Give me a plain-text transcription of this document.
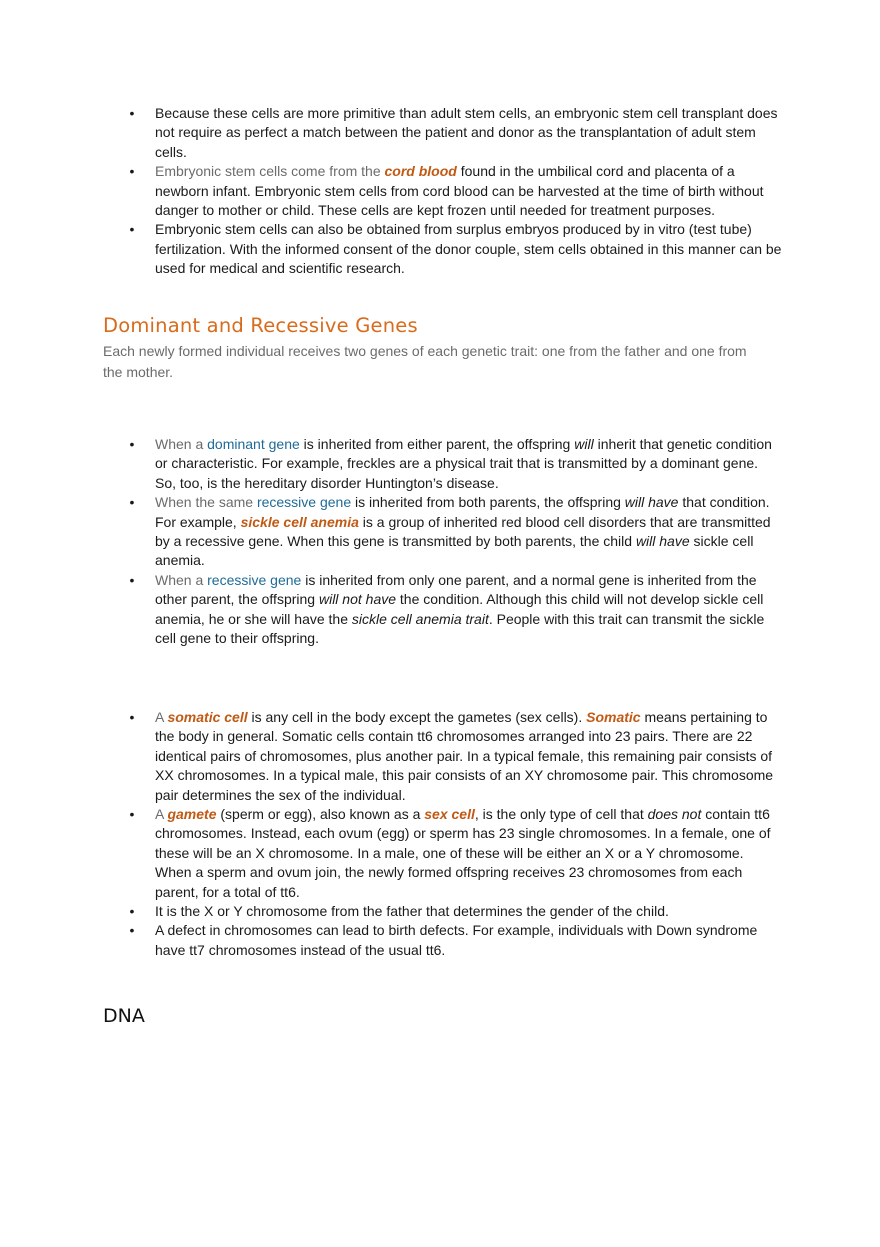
• Because these cells are more primitive than adult stem cells, an embryonic stem cell transplant does not require as perfect a match between the patient and donor as the transplantation of adult stem cells.
• Embryonic stem cells come from the cord blood found in the umbilical cord and placenta of a newborn infant. Embryonic stem cells from cord blood can be harvested at the time of birth without danger to mother or child. These cells are kept frozen until needed for treatment purposes.
• Embryonic stem cells can also be obtained from surplus embryos produced by in vitro (test tube) fertilization. With the informed consent of the donor couple, stem cells obtained in this manner can be used for medical and scientific research.
Dominant and Recessive Genes

Each newly formed individual receives two genes of each genetic trait: one from the father and one from the mother.

• When a dominant gene is inherited from either parent, the offspring will inherit that genetic condition or characteristic. For example, freckles are a physical trait that is transmitted by a dominant gene. So, too, is the hereditary disorder Huntington’s disease.
• When the same recessive gene is inherited from both parents, the offspring will have that condition. For example, sickle cell anemia is a group of inherited red blood cell disorders that are transmitted by a recessive gene. When this gene is transmitted by both parents, the child will have sickle cell anemia.
• When a recessive gene is inherited from only one parent, and a normal gene is inherited from the other parent, the offspring will not have the condition. Although this child will not develop sickle cell anemia, he or she will have the sickle cell anemia trait. People with this trait can transmit the sickle cell gene to their offspring.
• A somatic cell is any cell in the body except the gametes (sex cells). Somatic means pertaining to the body in general. Somatic cells contain tt6 chromosomes arranged into 23 pairs. There are 22 identical pairs of chromosomes, plus another pair. In a typical female, this remaining pair consists of XX chromosomes. In a typical male, this pair consists of an XY chromosome pair. This chromosome pair determines the sex of the individual.
• A gamete (sperm or egg), also known as a sex cell, is the only type of cell that does not contain tt6 chromosomes. Instead, each ovum (egg) or sperm has 23 single chromosomes. In a female, one of these will be an X chromosome. In a male, one of these will be either an X or a Y chromosome. When a sperm and ovum join, the newly formed offspring receives 23 chromosomes from each parent, for a total of tt6.
• It is the X or Y chromosome from the father that determines the gender of the child.
• A defect in chromosomes can lead to birth defects. For example, individuals with Down syndrome have tt7 chromosomes instead of the usual tt6.
DNA
